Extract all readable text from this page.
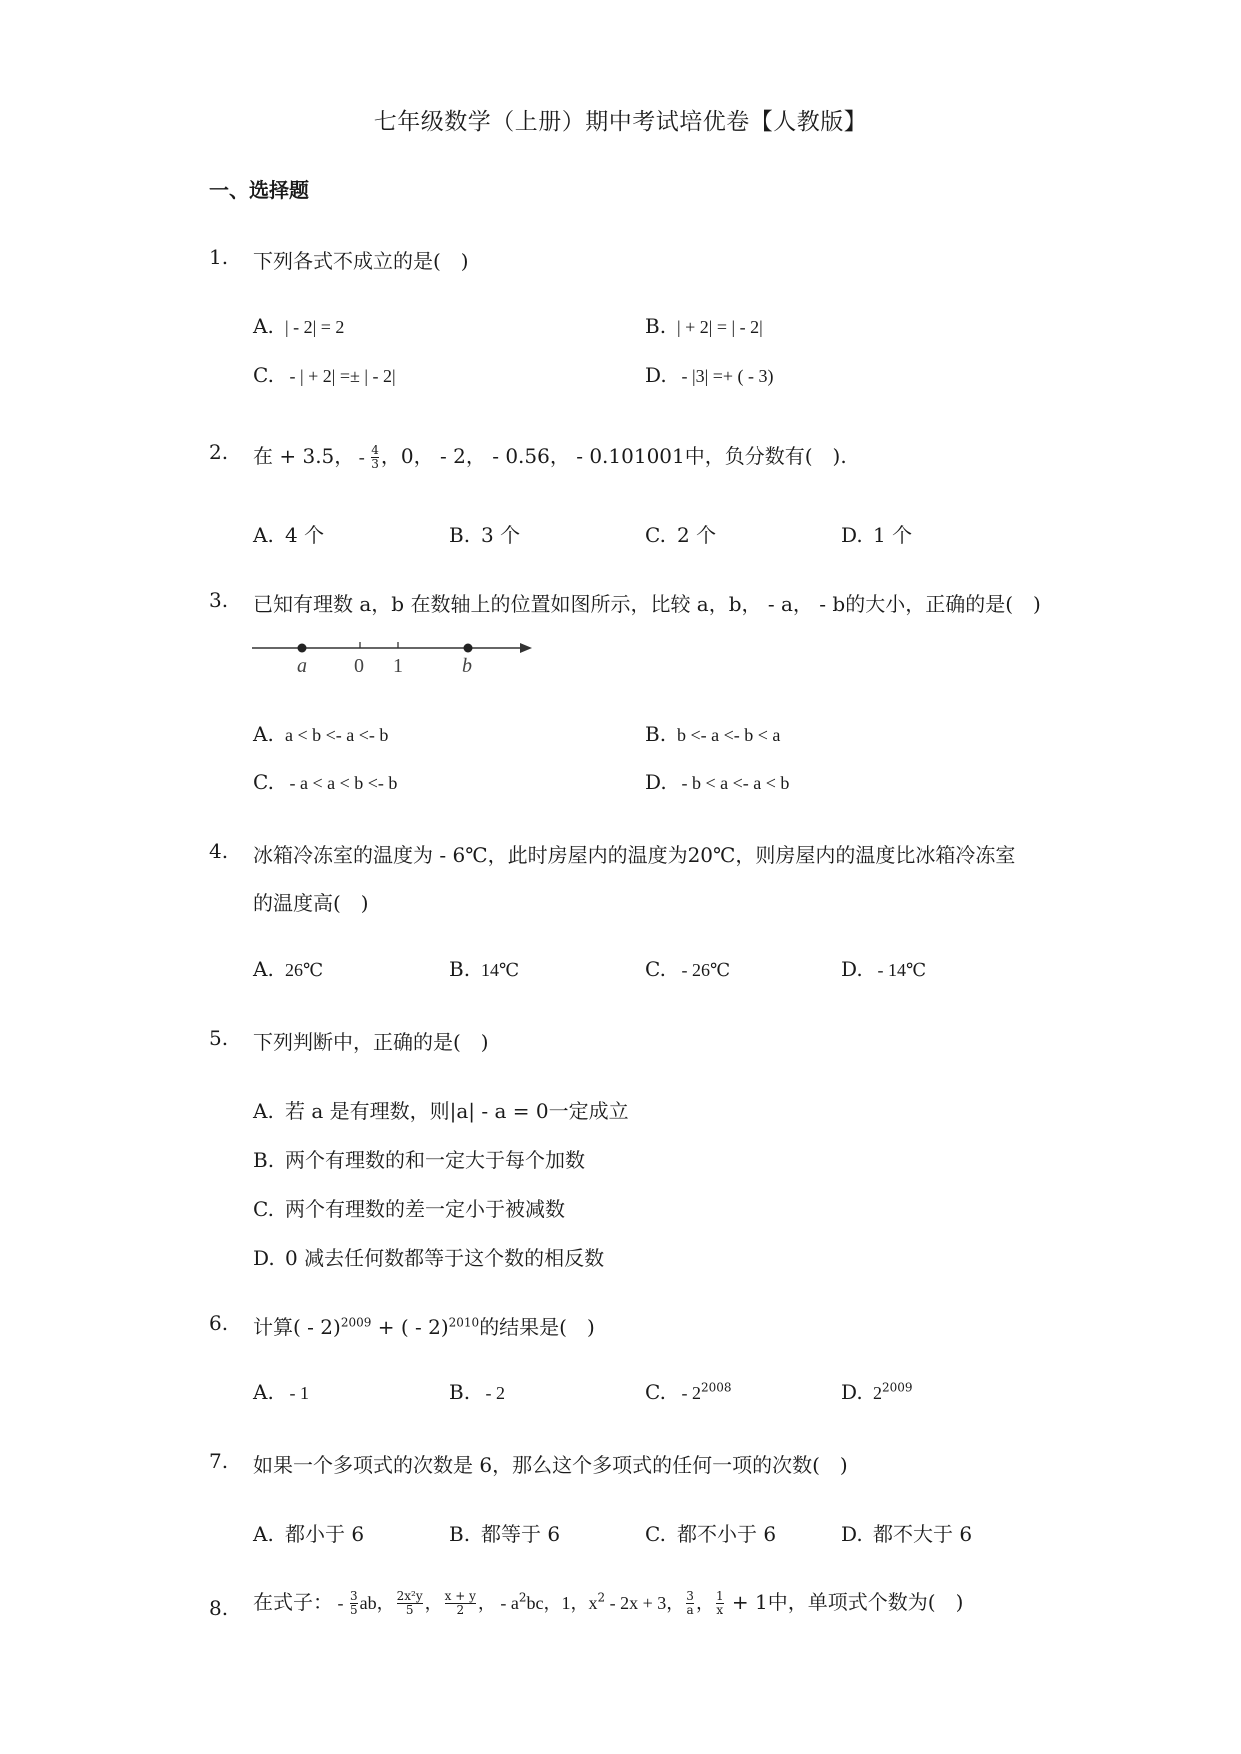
七年级数学（上册）期中考试培优卷【人教版】
一、选择题
1.	下列各式不成立的是(　)
A. | - 2| = 2	B. | + 2| = | - 2|
C. - | + 2| =± | - 2|	D. - |3| =+ ( - 3)
2.	在 + 3.5， - $\frac{4}{3}$ ，0， - 2， - 0.56， - 0.101001中，负分数有(　).
A. 4 个	B. 3 个	C. 2 个	D. 1 个
3.	已知有理数 a，b 在数轴上的位置如图所示，比较 a，b， - a， - b的大小，正确的是(　)
a 0 1	b
A. a < b <- a <- b	B. b <- a <- b < a
C. - a < a < b <- b	D. - b < a <- a < b
4.	冰箱冷冻室的温度为 - 6℃，此时房屋内的温度为20℃，则房屋内的温度比冰箱冷冻室
的温度高(　)
A. 26℃	B. 14℃	C. - 26℃	D. - 14℃
5.	下列判断中，正确的是(　)
A. 若 a 是有理数，则|a| - a = 0一定成立
B. 两个有理数的和一定大于每个加数
C. 两个有理数的差一定小于被减数
D. 0 减去任何数都等于这个数的相反数
6.	计算( - 2)$^{2009}$ + ( - 2)$^{2010}$的结果是(　)
A. - 1	B. - 2	C. - $2^{2008}$	D. $2^{2009}$
7.	如果一个多项式的次数是 6，那么这个多项式的任何一项的次数(　)
A. 都小于 6	B. 都等于 6	C. 都不小于 6	D. 都不大于 6
8.	在式子： - $\frac{3}{5}$ ab， $\frac{\text{2x²y}}{5}$ ， $\frac{x + y}{2}$ ， - $a^2bc$，1，$x^2 - 2x + 3$， $\frac{3}{a}$ ， $\frac{1}{x} + 1$中，单项式个数为(　)
